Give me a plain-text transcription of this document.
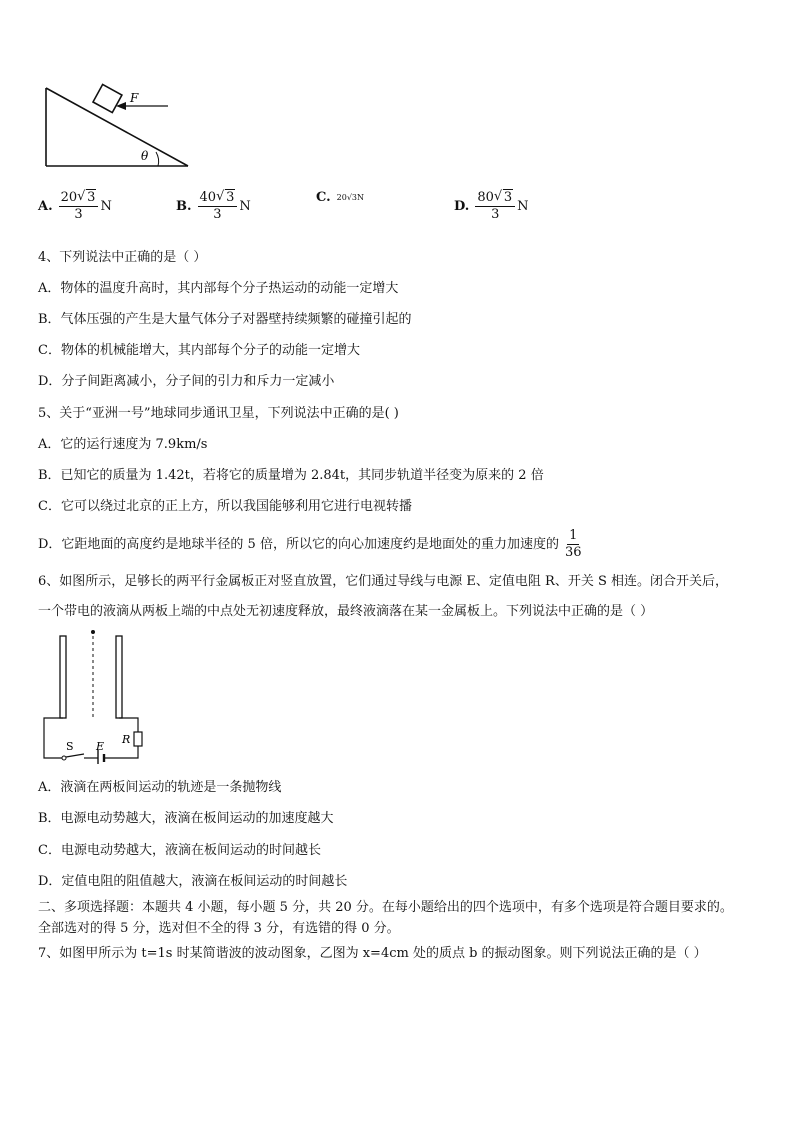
F
θ
A. $\frac{20 √ 3}{3}$ N	B. $\frac{40 √ 3}{3}$ N
C. 20√3N
D. $\frac{80 √ 3}{3}$ N
4、下列说法中正确的是（ ）
A．物体的温度升高时，其内部每个分子热运动的动能一定增大
B．气体压强的产生是大量气体分子对器壁持续频繁的碰撞引起的
C．物体的机械能增大，其内部每个分子的动能一定增大
D．分子间距离减小，分子间的引力和斥力一定减小
5、关于“亚洲一号”地球同步通讯卫星，下列说法中正确的是( )
A．它的运行速度为 7.9km/s
B．已知它的质量为 1.42t，若将它的质量增为 2.84t，其同步轨道半径变为原来的 2 倍
C．它可以绕过北京的正上方，所以我国能够利用它进行电视转播
D．它距地面的高度约是地球半径的 5 倍，所以它的向心加速度约是地面处的重力加速度的 $\frac{1}{36}$
6、如图所示，足够长的两平行金属板正对竖直放置，它们通过导线与电源 E、定值电阻 R、开关 S 相连。闭合开关后，
一个带电的液滴从两板上端的中点处无初速度释放，最终液滴落在某一金属板上。下列说法中正确的是（ ）
S E
R
A．液滴在两板间运动的轨迹是一条抛物线
B．电源电动势越大，液滴在板间运动的加速度越大
C．电源电动势越大，液滴在板间运动的时间越长
D．定值电阻的阻值越大，液滴在板间运动的时间越长
二、多项选择题：本题共 4 小题，每小题 5 分，共 20 分。在每小题给出的四个选项中，有多个选项是符合题目要求的。
全部选对的得 5 分，选对但不全的得 3 分，有选错的得 0 分。
7、如图甲所示为 t=1s 时某简谐波的波动图象，乙图为 x=4cm 处的质点 b 的振动图象。则下列说法正确的是（ ）
